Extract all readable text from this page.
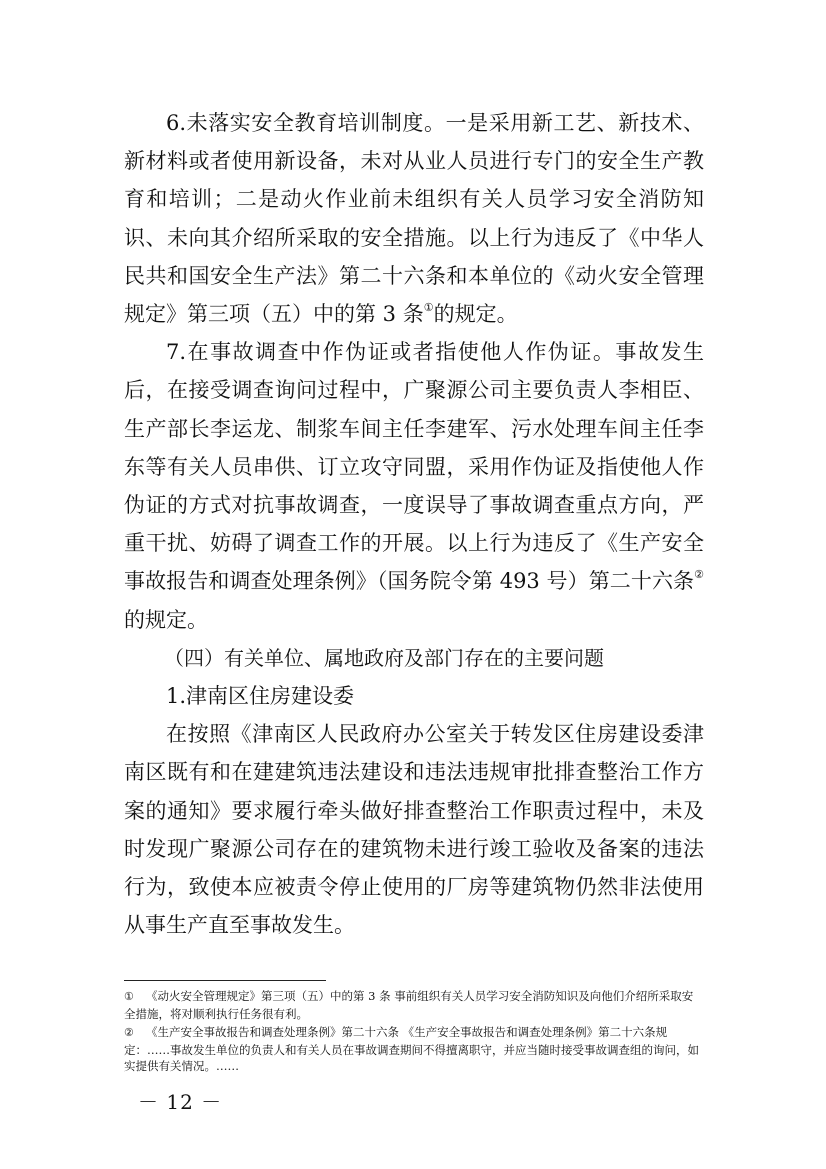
6.未落实安全教育培训制度。一是采用新工艺、新技术、新材料或者使用新设备，未对从业人员进行专门的安全生产教育和培训；二是动火作业前未组织有关人员学习安全消防知识、未向其介绍所采取的安全措施。以上行为违反了《中华人民共和国安全生产法》第二十六条和本单位的《动火安全管理规定》第三项（五）中的第 3 条①的规定。

7.在事故调查中作伪证或者指使他人作伪证。事故发生后，在接受调查询问过程中，广聚源公司主要负责人李相臣、生产部长李运龙、制浆车间主任李建军、污水处理车间主任李东等有关人员串供、订立攻守同盟，采用作伪证及指使他人作伪证的方式对抗事故调查，一度误导了事故调查重点方向，严重干扰、妨碍了调查工作的开展。以上行为违反了《生产安全事故报告和调查处理条例》（国务院令第 493 号）第二十六条②的规定。

（四）有关单位、属地政府及部门存在的主要问题

1.津南区住房建设委

在按照《津南区人民政府办公室关于转发区住房建设委津南区既有和在建建筑违法建设和违法违规审批排查整治工作方案的通知》要求履行牵头做好排查整治工作职责过程中，未及时发现广聚源公司存在的建筑物未进行竣工验收及备案的违法行为，致使本应被责令停止使用的厂房等建筑物仍然非法使用从事生产直至事故发生。

① 《动火安全管理规定》第三项（五）中的第 3 条 事前组织有关人员学习安全消防知识及向他们介绍所采取安全措施，将对顺利执行任务很有利。

② 《生产安全事故报告和调查处理条例》第二十六条 《生产安全事故报告和调查处理条例》第二十六条规定：……事故发生单位的负责人和有关人员在事故调查期间不得擅离职守，并应当随时接受事故调查组的询问，如实提供有关情况。……

－ 12 －
